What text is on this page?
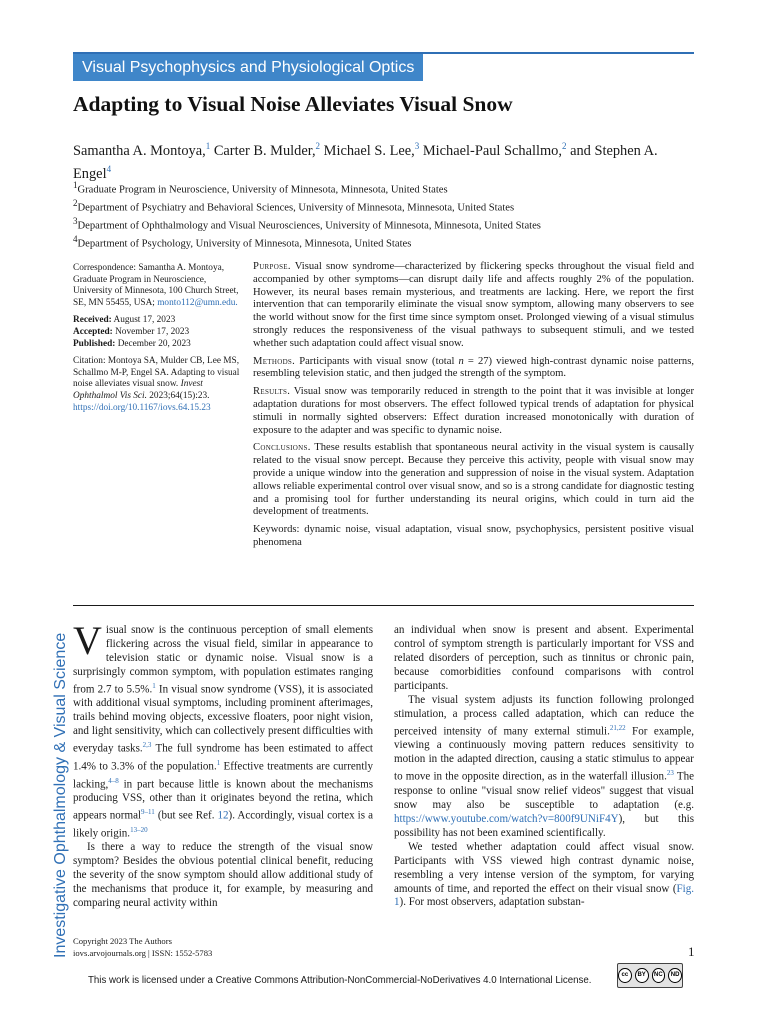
Investigative Ophthalmology & Visual Science
Visual Psychophysics and Physiological Optics
Adapting to Visual Noise Alleviates Visual Snow
Samantha A. Montoya,$^1$ Carter B. Mulder,$^2$ Michael S. Lee,$^3$ Michael-Paul Schallmo,$^2$ and Stephen A. Engel$^4$
$^1$Graduate Program in Neuroscience, University of Minnesota, Minnesota, United States
$^2$Department of Psychiatry and Behavioral Sciences, University of Minnesota, Minnesota, United States
$^3$Department of Ophthalmology and Visual Neurosciences, University of Minnesota, Minnesota, United States
$^4$Department of Psychology, University of Minnesota, Minnesota, United States

Correspondence: Samantha A. Montoya, Graduate Program in Neuroscience, University of Minnesota, 100 Church Street, SE, MN 55455, USA; monto112@umn.edu.

Received: August 17, 2023
Accepted: November 17, 2023
Published: December 20, 2023

Citation: Montoya SA, Mulder CB, Lee MS, Schallmo M-P, Engel SA. Adapting to visual noise alleviates visual snow. Invest Ophthalmol Vis Sci. 2023;64(15):23.
https://doi.org/10.1167/iovs.64.15.23

Purpose. Visual snow syndrome—characterized by flickering specks throughout the visual field and accompanied by other symptoms—can disrupt daily life and affects roughly 2% of the population. However, its neural bases remain mysterious, and treatments are lacking. Here, we report the first intervention that can temporarily eliminate the visual snow symptom, allowing many observers to see the world without snow for the first time since symptom onset. Prolonged viewing of a visual stimulus strongly reduces the responsiveness of the visual pathways to subsequent stimuli, and we tested whether such adaptation could affect visual snow.

Methods. Participants with visual snow (total n = 27) viewed high-contrast dynamic noise patterns, resembling television static, and then judged the strength of the symptom.

Results. Visual snow was temporarily reduced in strength to the point that it was invisible at longer adaptation durations for most observers. The effect followed typical trends of adaptation for physical stimuli in normally sighted observers: Effect duration increased monotonically with duration of exposure to the adapter and was specific to dynamic noise.

Conclusions. These results establish that spontaneous neural activity in the visual system is causally related to the visual snow percept. Because they perceive this activity, people with visual snow may provide a unique window into the generation and suppression of noise in the visual system. Adaptation allows reliable experimental control over visual snow, and so is a strong candidate for diagnostic testing and a promising tool for further understanding its neural origins, which could in turn aid the development of treatments.

Keywords: dynamic noise, visual adaptation, visual snow, psychophysics, persistent positive visual phenomena

Visual snow is the continuous perception of small elements flickering across the visual field, similar in appearance to television static or dynamic noise. Visual snow is a surprisingly common symptom, with population estimates ranging from 2.7 to 5.5%.$^1$ In visual snow syndrome (VSS), it is associated with additional visual symptoms, including prominent afterimages, trails behind moving objects, excessive floaters, poor night vision, and light sensitivity, which can collectively present difficulties with everyday tasks.$^{2,3}$ The full syndrome has been estimated to affect 1.4% to 3.3% of the population.$^1$ Effective treatments are currently lacking,$^{4-8}$ in part because little is known about the mechanisms producing VSS, other than it originates beyond the retina, which appears normal$^{9-11}$ (but see Ref. 12). Accordingly, visual cortex is a likely origin.$^{13-20}$

Is there a way to reduce the strength of the visual snow symptom? Besides the obvious potential clinical benefit, reducing the severity of the snow symptom should allow additional study of the mechanisms that produce it, for example, by measuring and comparing neural activity within

an individual when snow is present and absent. Experimental control of symptom strength is particularly important for VSS and related disorders of perception, such as tinnitus or chronic pain, because comorbidities confound comparisons with control participants.

The visual system adjusts its function following prolonged stimulation, a process called adaptation, which can reduce the perceived intensity of many external stimuli.$^{21,22}$ For example, viewing a continuously moving pattern reduces sensitivity to motion in the adapted direction, causing a static stimulus to appear to move in the opposite direction, as in the waterfall illusion.$^{23}$ The response to online "visual snow relief videos" suggest that visual snow may also be susceptible to adaptation (e.g. https://www.youtube.com/watch?v=800f9UNiF4Y), but this possibility has not been examined scientifically.

We tested whether adaptation could affect visual snow. Participants with VSS viewed high contrast dynamic noise, resembling a very intense version of the symptom, for varying amounts of time, and reported the effect on their visual snow (Fig. 1). For most observers, adaptation substan-

Copyright 2023 The Authors
iovs.arvojournals.org | ISSN: 1552-5783	1
This work is licensed under a Creative Commons Attribution-NonCommercial-NoDerivatives 4.0 International License.	cc	BY	NC	ND
